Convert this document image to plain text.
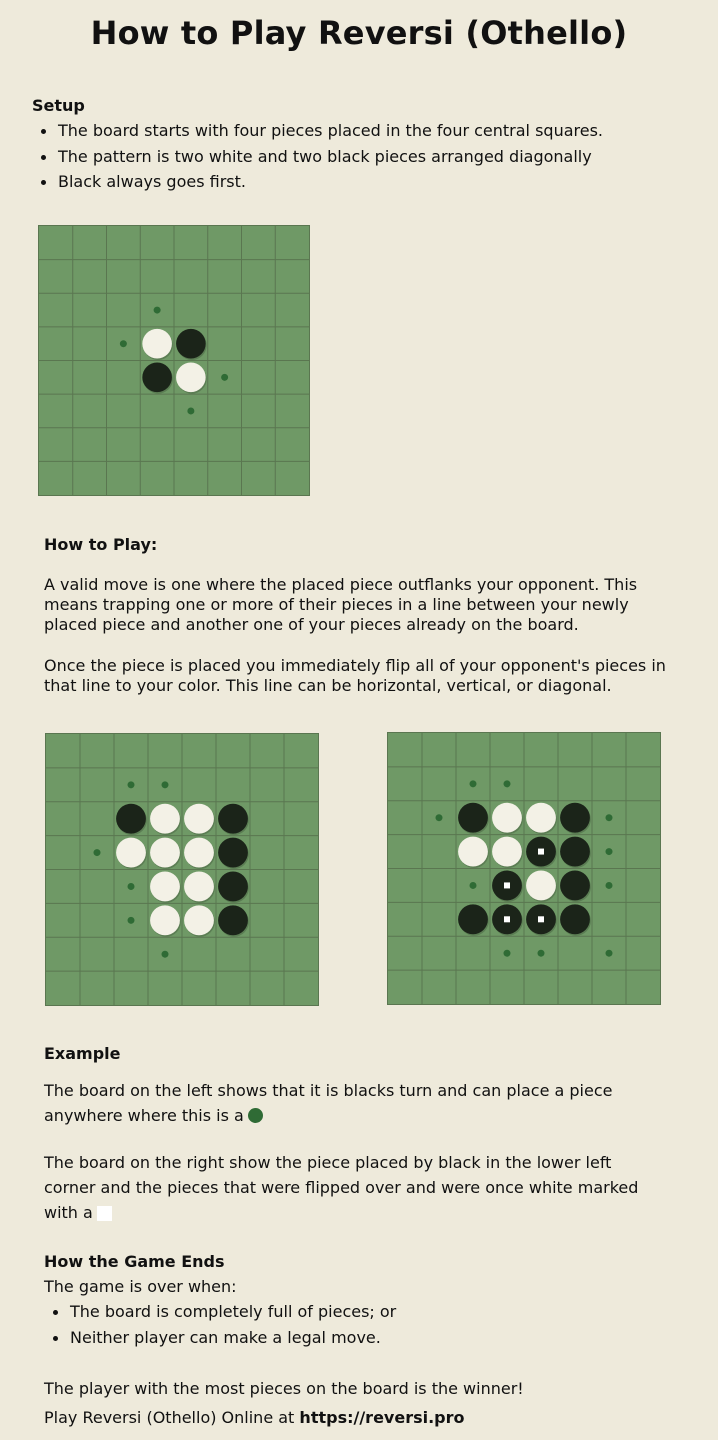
How to Play Reversi (Othello)
Setup
The board starts with four pieces placed in the four central squares.
The pattern is two white and two black pieces arranged diagonally
Black always goes first.
How to Play:
A valid move is one where the placed piece outflanks your opponent. This means trapping one or more of their pieces in a line between your newly placed piece and another one of your pieces already on the board.
Once the piece is placed you immediately flip all of your opponent's pieces in that line to your color. This line can be horizontal, vertical, or diagonal.
Example
The board on the left shows that it is blacks turn and can place a piece anywhere where this is a
The board on the right show the piece placed by black in the lower left corner and the pieces that were flipped over and were once white marked with a
How the Game Ends
The game is over when:
The board is completely full of pieces; or
Neither player can make a legal move.
The player with the most pieces on the board is the winner!
Play Reversi (Othello) Online at https://reversi.pro
